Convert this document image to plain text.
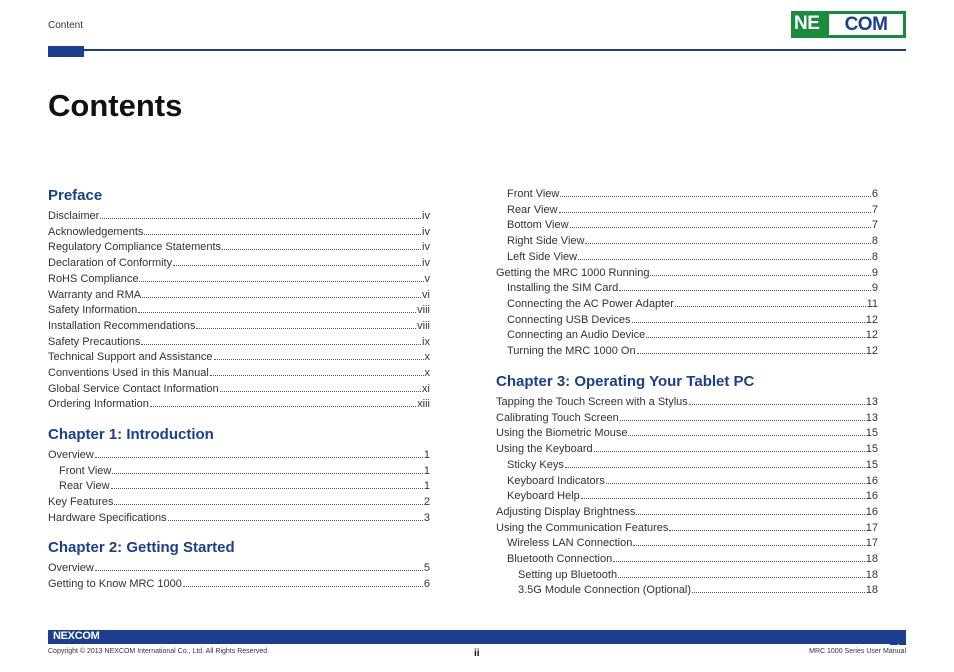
Content	NE COM
Contents
Preface
Disclaimer	iv
Acknowledgements	iv
Regulatory Compliance Statements	iv
Declaration of Conformity	iv
RoHS Compliance	v
Warranty and RMA	vi
Safety Information	viii
Installation Recommendations	viii
Safety Precautions	ix
Technical Support and Assistance	x
Conventions Used in this Manual	x
Global Service Contact Information	xi
Ordering Information	xiii
Chapter 1: Introduction
Overview	1
Front View	1
Rear View	1
Key Features	2
Hardware Specifications	3
Chapter 2: Getting Started
Overview	5
Getting to Know MRC 1000	6
Front View	6
Rear View	7
Bottom View	7
Right Side View	8
Left Side View	8
Getting the MRC 1000 Running	9
Installing the SIM Card	9
Connecting the AC Power Adapter	11
Connecting USB Devices	12
Connecting an Audio Device	12
Turning the MRC 1000 On	12
Chapter 3: Operating Your Tablet PC
Tapping the Touch Screen with a Stylus	13
Calibrating Touch Screen	13
Using the Biometric Mouse	15
Using the Keyboard	15
Sticky Keys	15
Keyboard Indicators	16
Keyboard Help	16
Adjusting Display Brightness	16
Using the Communication Features	17
Wireless LAN Connection	17
Bluetooth Connection	18
Setting up Bluetooth	18
3.5G Module Connection (Optional)	18
NEXCOM
Copyright © 2013 NEXCOM International Co., Ltd. All Rights Reserved.	ii	MRC 1000 Series User Manual
